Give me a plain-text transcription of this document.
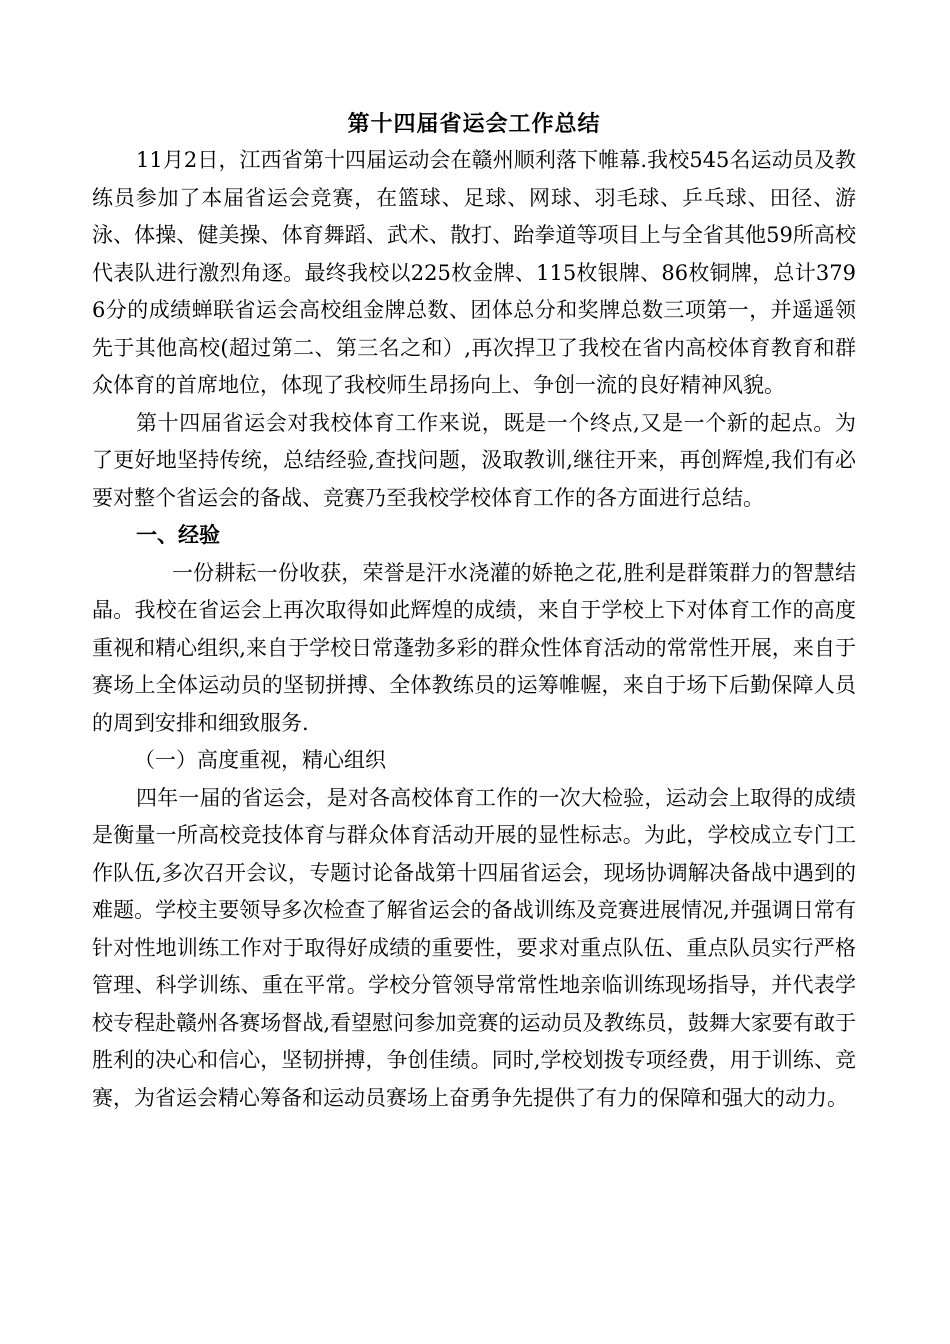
第十四届省运会工作总结

11月2日，江西省第十四届运动会在赣州顺利落下帷幕.我校545名运动员及教练员参加了本届省运会竞赛，在篮球、足球、网球、羽毛球、乒乓球、田径、游泳、体操、健美操、体育舞蹈、武术、散打、跆拳道等项目上与全省其他59所高校代表队进行激烈角逐。最终我校以225枚金牌、115枚银牌、86枚铜牌，总计3796分的成绩蝉联省运会高校组金牌总数、团体总分和奖牌总数三项第一，并遥遥领先于其他高校(超过第二、第三名之和）,再次捍卫了我校在省内高校体育教育和群众体育的首席地位，体现了我校师生昂扬向上、争创一流的良好精神风貌。

第十四届省运会对我校体育工作来说，既是一个终点,又是一个新的起点。为了更好地坚持传统，总结经验,查找问题，汲取教训,继往开来，再创辉煌,我们有必要对整个省运会的备战、竞赛乃至我校学校体育工作的各方面进行总结。

一、经验

一份耕耘一份收获，荣誉是汗水浇灌的娇艳之花,胜利是群策群力的智慧结晶。我校在省运会上再次取得如此辉煌的成绩，来自于学校上下对体育工作的高度重视和精心组织,来自于学校日常蓬勃多彩的群众性体育活动的常常性开展，来自于赛场上全体运动员的坚韧拼搏、全体教练员的运筹帷幄，来自于场下后勤保障人员的周到安排和细致服务.

（一）高度重视，精心组织

四年一届的省运会，是对各高校体育工作的一次大检验，运动会上取得的成绩是衡量一所高校竞技体育与群众体育活动开展的显性标志。为此，学校成立专门工作队伍,多次召开会议，专题讨论备战第十四届省运会，现场协调解决备战中遇到的难题。学校主要领导多次检查了解省运会的备战训练及竞赛进展情况,并强调日常有针对性地训练工作对于取得好成绩的重要性，要求对重点队伍、重点队员实行严格管理、科学训练、重在平常。学校分管领导常常性地亲临训练现场指导，并代表学校专程赴赣州各赛场督战,看望慰问参加竞赛的运动员及教练员，鼓舞大家要有敢于胜利的决心和信心，坚韧拼搏，争创佳绩。同时,学校划拨专项经费，用于训练、竞赛，为省运会精心筹备和运动员赛场上奋勇争先提供了有力的保障和强大的动力。
